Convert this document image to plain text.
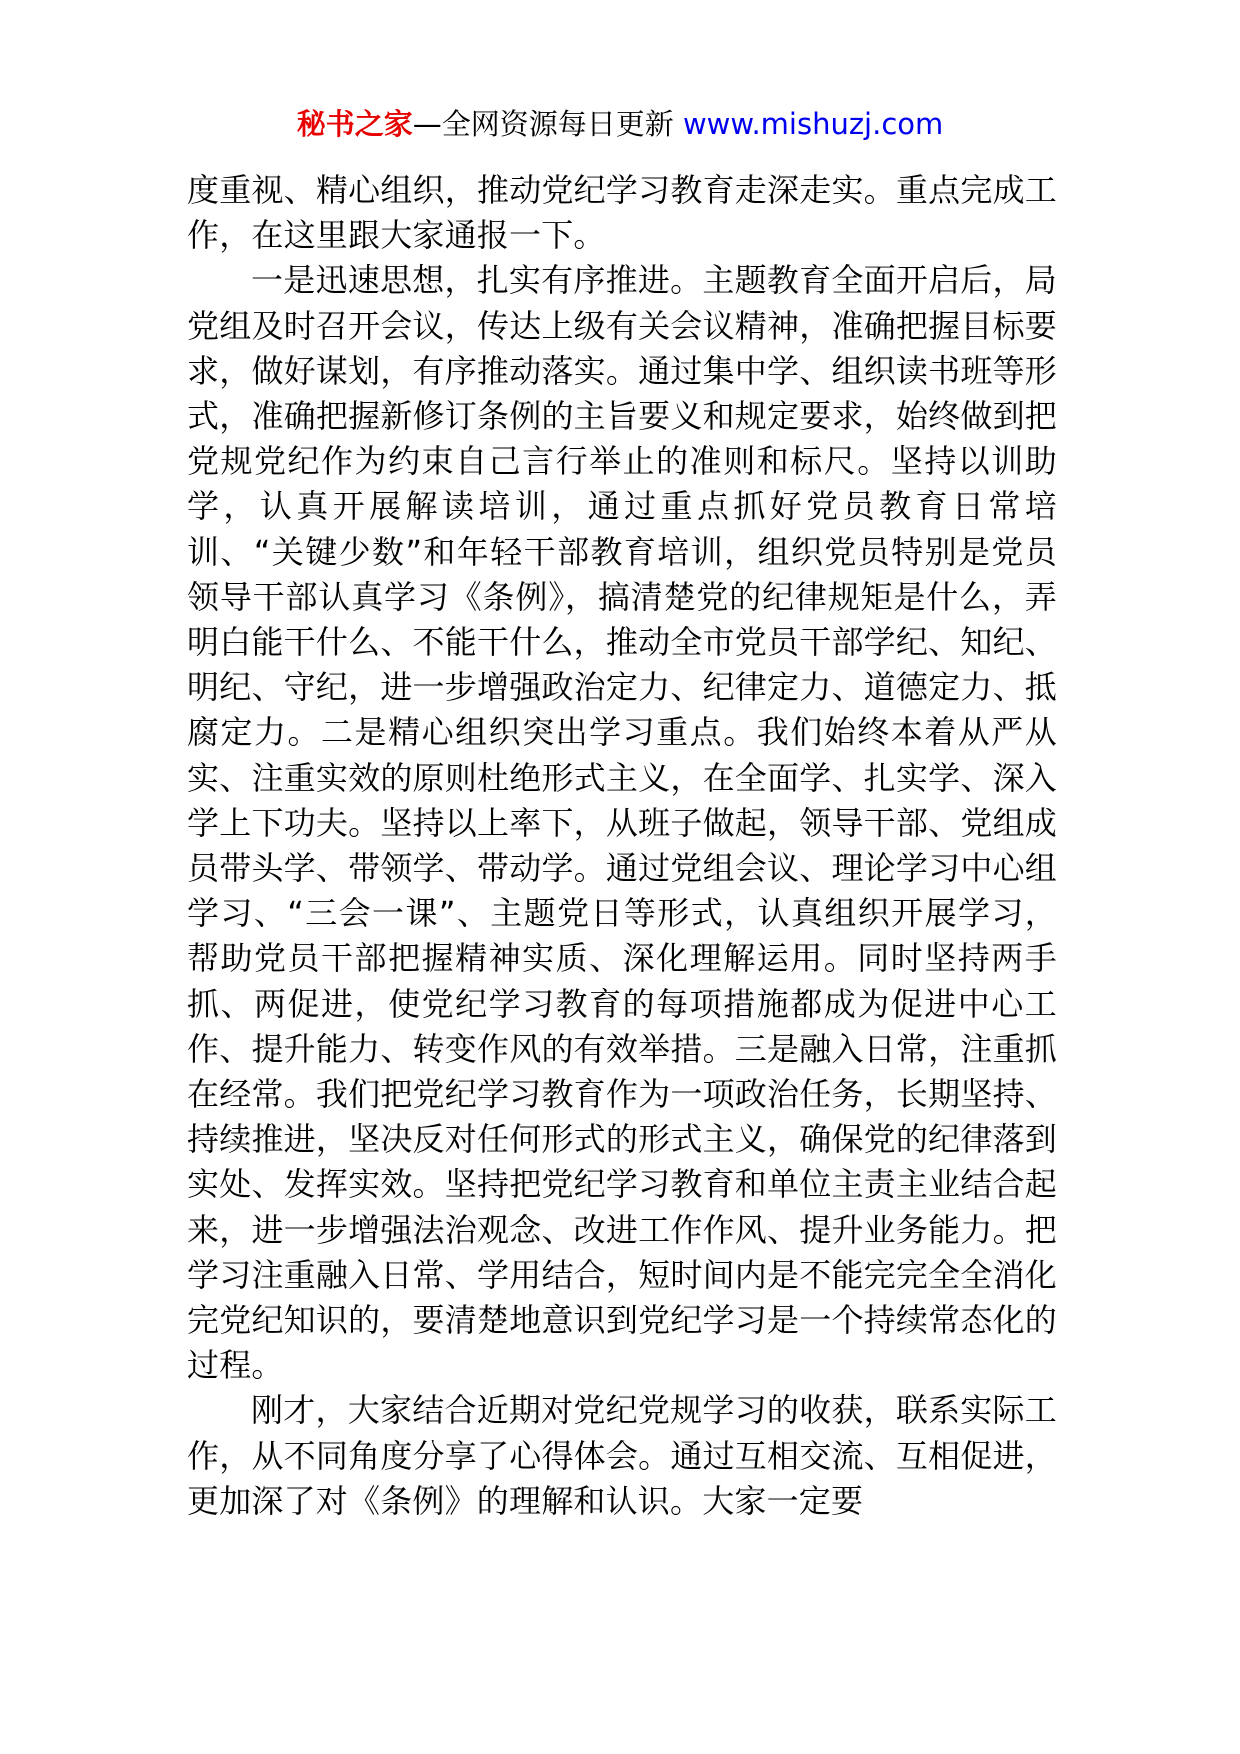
秘书之家—全网资源每日更新 www.mishuzj.com

度重视、精心组织，推动党纪学习教育走深走实。重点完成工作，在这里跟大家通报一下。

一是迅速思想，扎实有序推进。主题教育全面开启后，局党组及时召开会议，传达上级有关会议精神，准确把握目标要求，做好谋划，有序推动落实。通过集中学、组织读书班等形式，准确把握新修订条例的主旨要义和规定要求，始终做到把党规党纪作为约束自己言行举止的准则和标尺。坚持以训助学，认真开展解读培训，通过重点抓好党员教育日常培训、“关键少数”和年轻干部教育培训，组织党员特别是党员领导干部认真学习《条例》，搞清楚党的纪律规矩是什么，弄明白能干什么、不能干什么，推动全市党员干部学纪、知纪、明纪、守纪，进一步增强政治定力、纪律定力、道德定力、抵腐定力。二是精心组织突出学习重点。我们始终本着从严从实、注重实效的原则杜绝形式主义，在全面学、扎实学、深入学上下功夫。坚持以上率下，从班子做起，领导干部、党组成员带头学、带领学、带动学。通过党组会议、理论学习中心组学习、“三会一课”、主题党日等形式，认真组织开展学习，帮助党员干部把握精神实质、深化理解运用。同时坚持两手抓、两促进，使党纪学习教育的每项措施都成为促进中心工作、提升能力、转变作风的有效举措。三是融入日常，注重抓在经常。我们把党纪学习教育作为一项政治任务，长期坚持、持续推进，坚决反对任何形式的形式主义，确保党的纪律落到实处、发挥实效。坚持把党纪学习教育和单位主责主业结合起来，进一步增强法治观念、改进工作作风、提升业务能力。把学习注重融入日常、学用结合，短时间内是不能完完全全消化完党纪知识的，要清楚地意识到党纪学习是一个持续常态化的过程。

刚才，大家结合近期对党纪党规学习的收获，联系实际工作，从不同角度分享了心得体会。通过互相交流、互相促进，更加深了对《条例》的理解和认识。大家一定要
